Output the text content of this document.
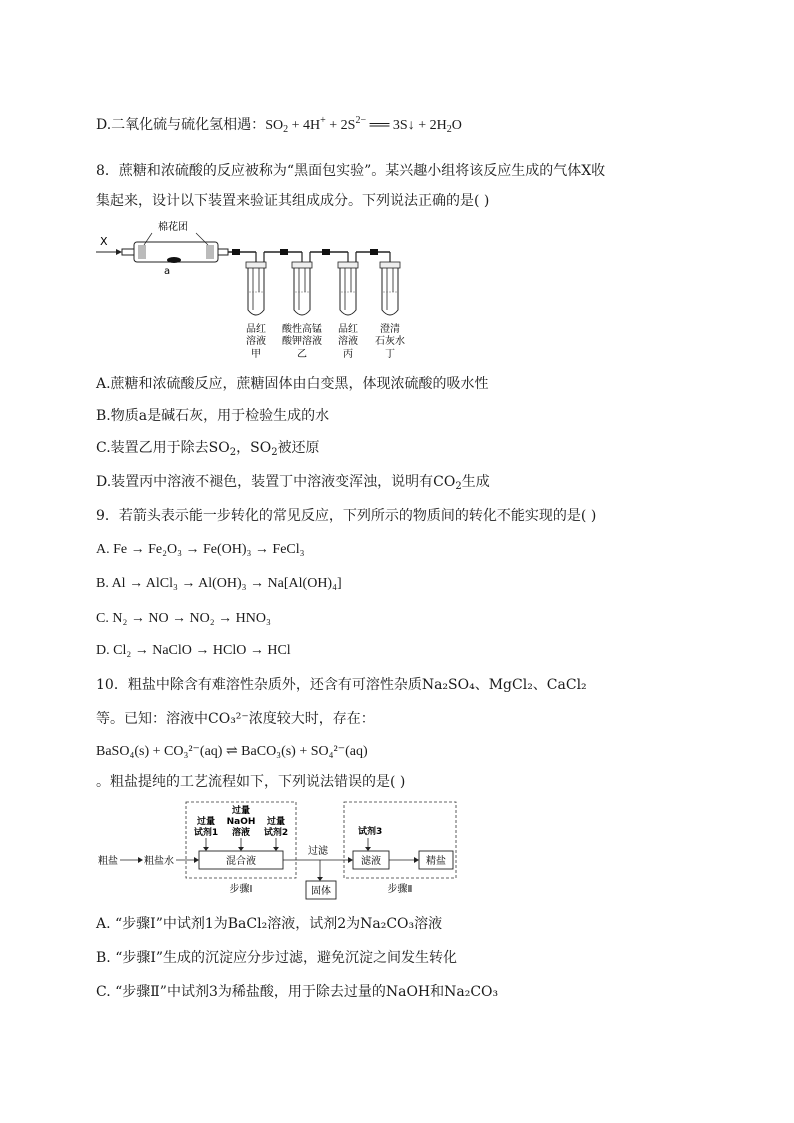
D.二氧化硫与硫化氢相遇：$SO_2 + 4H^+ + 2S^{2-}$ ══ 3S↓ + $2H_2O$
8．蔗糖和浓硫酸的反应被称为“黑面包实验”。某兴趣小组将该反应生成的气体X收
集起来，设计以下装置来验证其组成成分。下列说法正确的是( )
X
棉花团
a
品红
溶液
甲
酸性高锰
酸钾溶液
乙
品红
溶液
丙
澄清
石灰水
丁
A.蔗糖和浓硫酸反应，蔗糖固体由白变黑，体现浓硫酸的吸水性
B.物质a是碱石灰，用于检验生成的水
C.装置乙用于除去$SO_2$，$SO_2$被还原
D.装置丙中溶液不褪色，装置丁中溶液变浑浊，说明有$CO_2$生成
9．若箭头表示能一步转化的常见反应，下列所示的物质间的转化不能实现的是( )
A. Fe → Fe₂O₃ → Fe(OH)₃ → FeCl₃
B. Al → AlCl₃ → Al(OH)₃ → Na[Al(OH)₄]
C. N₂ → NO → NO₂ → HNO₃
D. Cl₂ → NaClO → HClO → HCl
10．粗盐中除含有难溶性杂质外，还含有可溶性杂质Na₂SO₄、MgCl₂、CaCl₂
等。已知：溶液中CO₃²⁻浓度较大时，存在：
BaSO₄(s) + CO₃²⁻(aq) ⇌ BaCO₃(s) + SO₄²⁻(aq)
。粗盐提纯的工艺流程如下，下列说法错误的是( )
粗盐	粗盐水	混合液
过量
试剂1
过量
NaOH
溶液
过量
试剂2
过滤
固体
滤液
试剂3
精盐
步骤Ⅰ	步骤Ⅱ
A. “步骤Ⅰ”中试剂1为BaCl₂溶液，试剂2为Na₂CO₃溶液
B. “步骤Ⅰ”生成的沉淀应分步过滤，避免沉淀之间发生转化
C. “步骤Ⅱ”中试剂3为稀盐酸，用于除去过量的NaOH和Na₂CO₃
